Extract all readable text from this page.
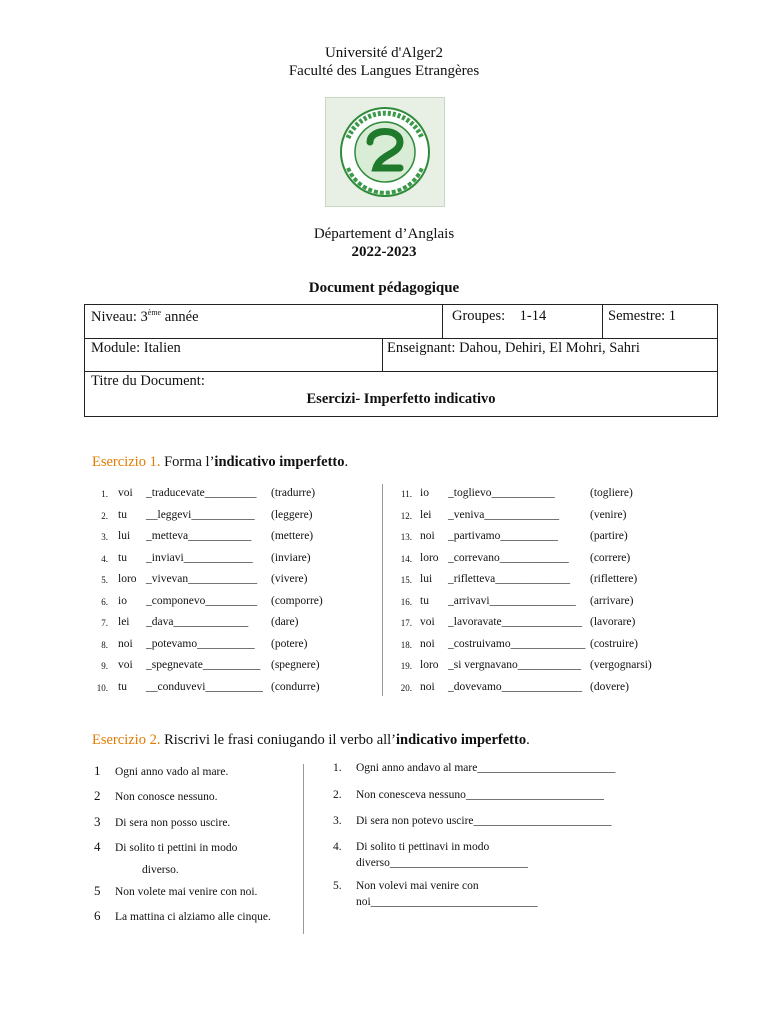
Université d'Alger2
Faculté des Langues Etrangères
Département d’Anglais
2022-2023
Document pédagogique
Niveau: 3ème année	Groupes:    1-14	Semestre: 1
Module: Italien	Enseignant: Dahou, Dehiri, El Mohri, Sahri
Titre du Document:
Esercizi- Imperfetto indicativo
Esercizio 1. Forma l’indicativo imperfetto.
1. voi _traducevate_________ (tradurre)
2. tu __leggevi___________ (leggere)
3. lui _metteva___________ (mettere)
4. tu _inviavi____________ (inviare)
5. loro _vivevan____________ (vivere)
6. io _componevo_________ (comporre)
7. lei _dava_____________ (dare)
8. noi _potevamo__________ (potere)
9. voi _spegnevate__________ (spegnere)
10. tu __conduvevi__________ (condurre)
11. io _toglievo___________	(togliere)
12. lei _veniva_____________	(venire)
13. noi _partivamo__________	(partire)
14. loro _correvano____________ (correre)
15. lui _rifletteva_____________ (riflettere)
16. tu _arrivavi_______________ (arrivare)
17. voi _lavoravate______________ (lavorare)
18. noi _costruivamo_____________ (costruire)
19. loro _si vergnavano___________ (vergognarsi)
20. noi _dovevamo______________ (dovere)
Esercizio 2. Riscrivi le frasi coniugando il verbo all’indicativo imperfetto.
1 Ogni anno vado al mare.
2 Non conosce nessuno.
3 Di sera non posso uscire.
4 Di solito ti pettini in modo
diverso.
5 Non volete mai venire con noi.
6 La mattina ci alziamo alle cinque.
1. Ogni anno andavo al mare________________________
2. Non conesceva nessuno________________________
3. Di sera non potevo uscire________________________
4. Di solito ti pettinavi in modo
diverso________________________
5. Non volevi mai venire con
noi_____________________________
